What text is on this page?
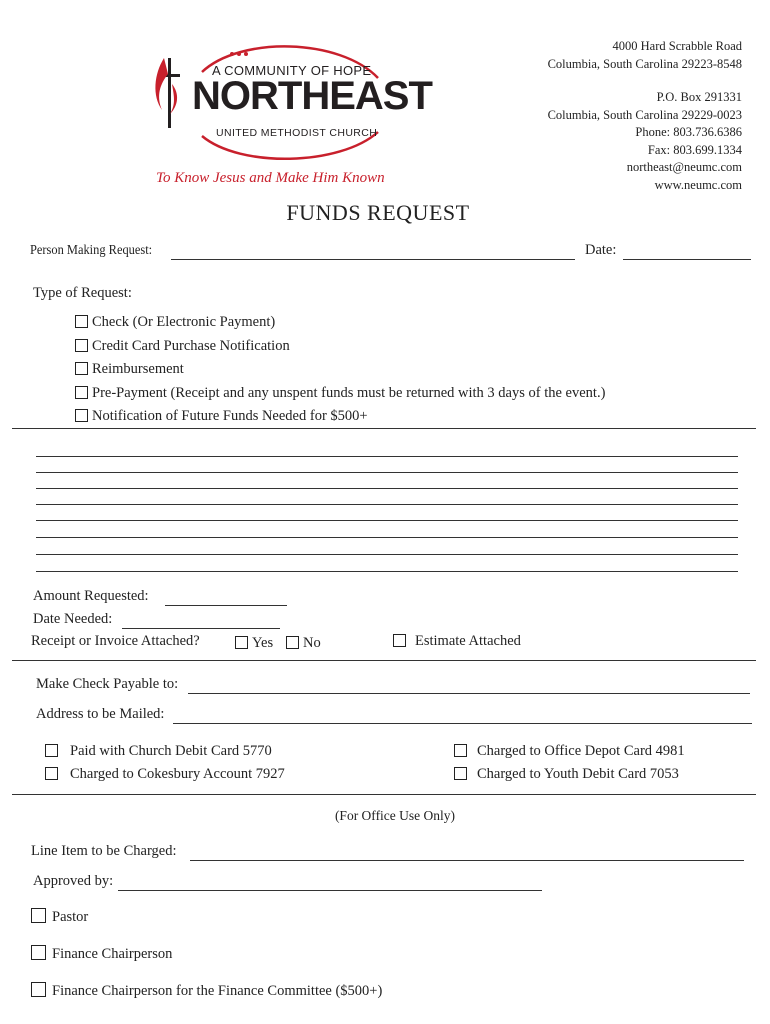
A COMMUNITY OF HOPE
NORTHEAST
UNITED METHODIST CHURCH
To Know Jesus and Make Him Known
4000 Hard Scrabble Road
Columbia, South Carolina 29223-8548
P.O. Box 291331
Columbia, South Carolina 29229-0023
Phone: 803.736.6386
Fax: 803.699.1334
northeast@neumc.com
www.neumc.com
FUNDS REQUEST
Person Making Request:	Date:
Type of Request:
Check (Or Electronic Payment)
Credit Card Purchase Notification
Reimbursement
Pre-Payment (Receipt and any unspent funds must be returned with 3 days of the event.)
Notification of Future Funds Needed for $500+
Amount Requested:
Date Needed:
Receipt or Invoice Attached?	Yes	No	Estimate Attached
Make Check Payable to:
Address to be Mailed:
Paid with Church Debit Card 5770
Charged to Cokesbury Account 7927
Charged to Office Depot Card 4981
Charged to Youth Debit Card 7053
(For Office Use Only)
Line Item to be Charged:
Approved by:
Pastor
Finance Chairperson
Finance Chairperson for the Finance Committee ($500+)
